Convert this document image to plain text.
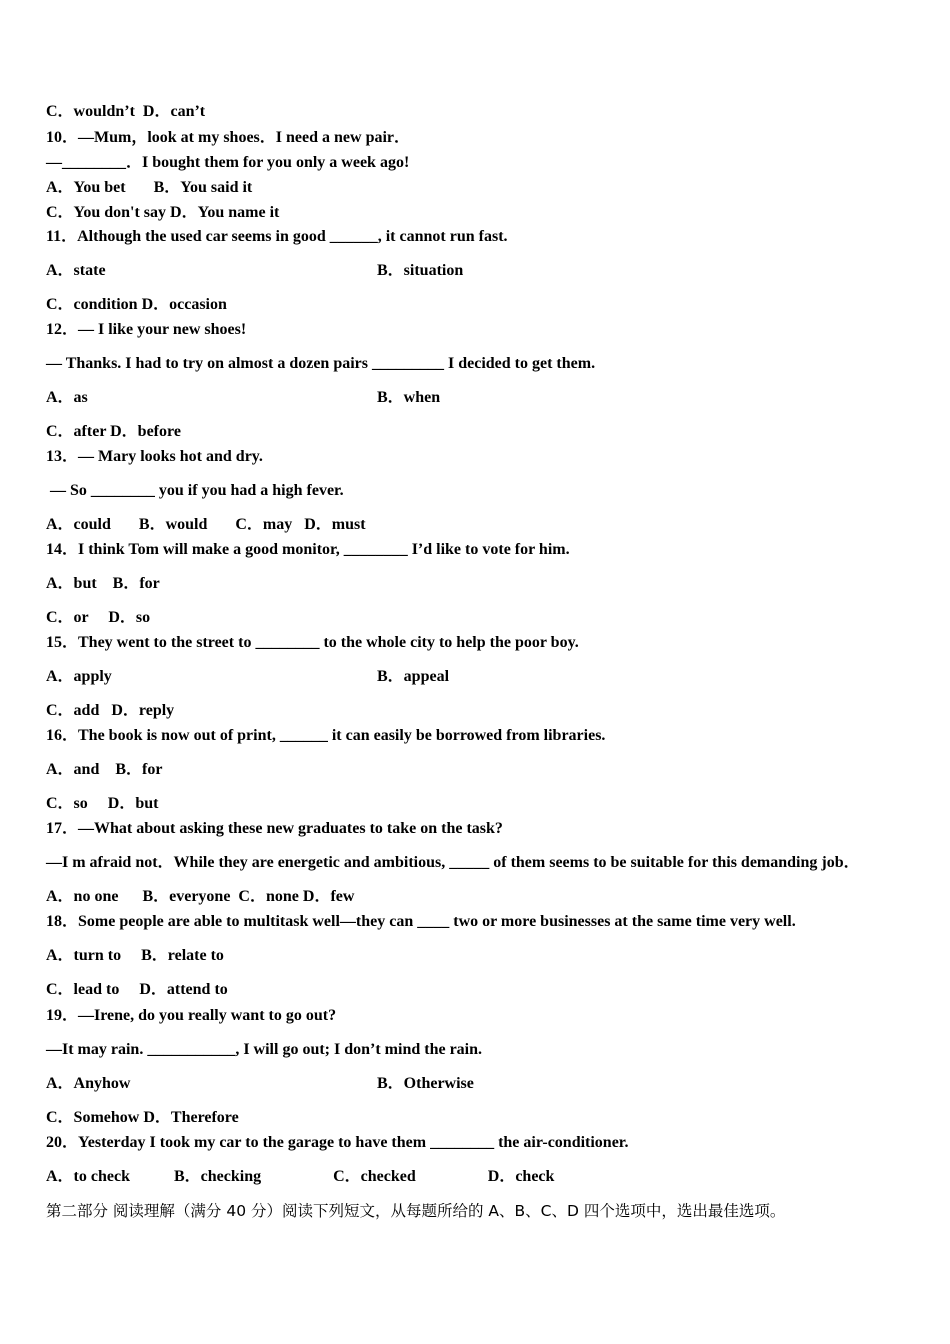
C．wouldn’t  D．can’t
10．—Mum，look at my shoes．I need a new pair．
—________．I bought them for you only a week ago!
A．You bet       B．You said it
C．You don't say D．You name it
11．Although the used car seems in good ______, it cannot run fast.
A．state	B．situation
C．condition D．occasion
12．— I like your new shoes!
— Thanks. I had to try on almost a dozen pairs _________ I decided to get them.
A．as	B．when
C．after D．before
13．— Mary looks hot and dry.
— So ________ you if you had a high fever.
A．could       B．would       C．may   D．must
14．I think Tom will make a good monitor, ________ I’d like to vote for him.
A．but    B．for
C．or     D．so
15．They went to the street to ________ to the whole city to help the poor boy.
A．apply	B．appeal
C．add   D．reply
16．The book is now out of print, ______ it can easily be borrowed from libraries.
A．and    B．for
C．so     D．but
17．—What about asking these new graduates to take on the task?
—I m afraid not．While they are energetic and ambitious, _____ of them seems to be suitable for this demanding job．
A．no one      B．everyone  C．none D．few
18．Some people are able to multitask well—they can ____ two or more businesses at the same time very well.
A．turn to     B．relate to
C．lead to     D．attend to
19．—Irene, do you really want to go out?
—It may rain. ___________, I will go out; I don’t mind the rain.
A．Anyhow	B．Otherwise
C．Somehow D．Therefore
20．Yesterday I took my car to the garage to have them ________ the air-conditioner.
A．to check           B．checking                  C．checked                  D．check
第二部分 阅读理解（满分 40 分）阅读下列短文，从每题所给的 A、B、C、D 四个选项中，选出最佳选项。
